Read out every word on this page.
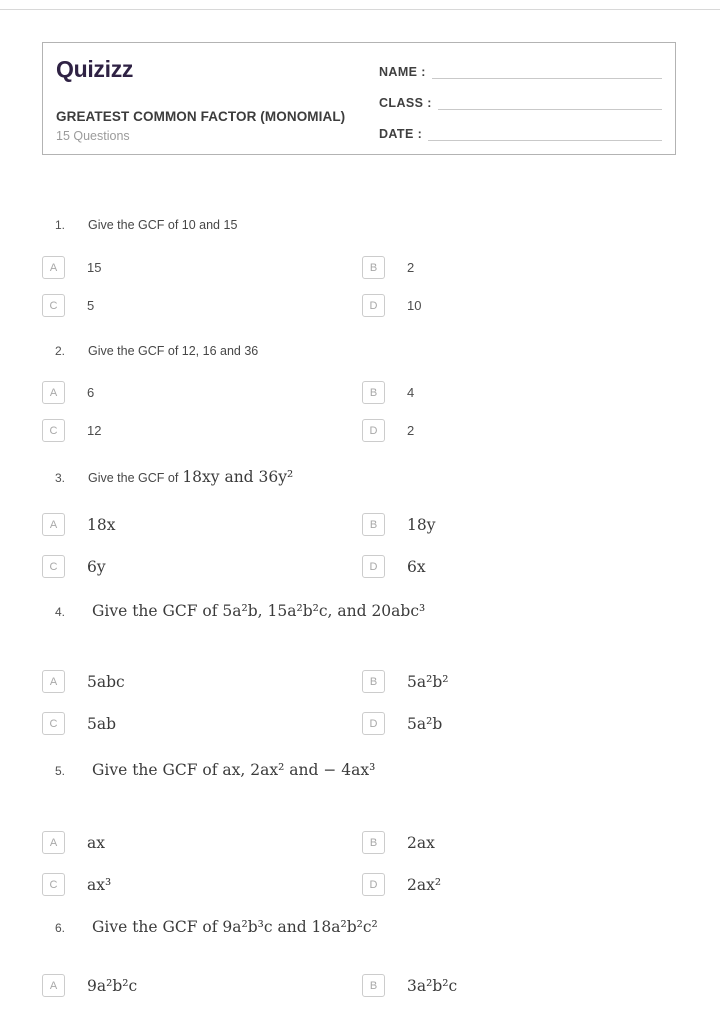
Quizizz
GREATEST COMMON FACTOR (MONOMIAL)
15 Questions
NAME :
CLASS :
DATE :
1.	Give the GCF of 10 and 15
A	15	B	2
C	5	D	10
2.	Give the GCF of 12, 16 and 36
A	6	B	4
C	12	D	2
3.	Give the GCF of 18xy and 36y²
A	18x	B	18y
C	6y	D	6x
4.	Give the GCF of 5a²b, 15a²b²c, and 20abc³
A	5abc	B	5a²b²
C	5ab	D	5a²b
5.	Give the GCF of ax, 2ax² and − 4ax³
A	ax	B	2ax
C	ax³	D	2ax²
6.	Give the GCF of 9a²b³c and 18a²b²c²
A	9a²b²c	B	3a²b²c
